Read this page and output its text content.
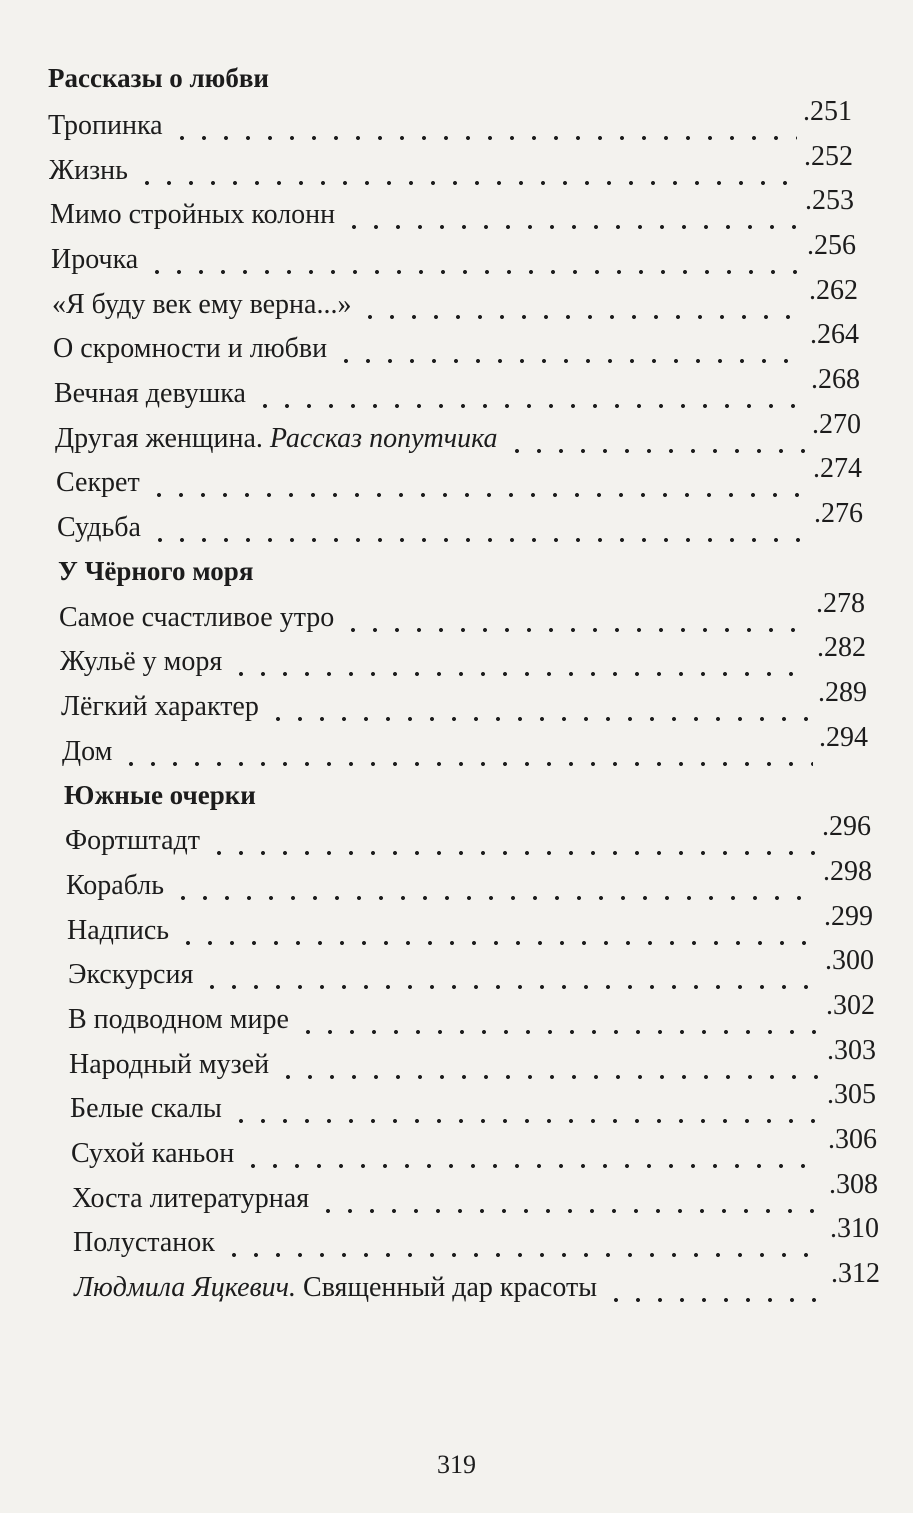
Рассказы о любви
Тропинка	.251
Жизнь	.252
Мимо стройных колонн	.253
Ирочка	.256
«Я буду век ему верна...»	.262
О скромности и любви	.264
Вечная девушка	.268
Другая женщина. Рассказ попутчика	.270
Секрет	.274
Судьба	.276
У Чёрного моря
Самое счастливое утро	.278
Жульё у моря	.282
Лёгкий характер	.289
Дом	.294
Южные очерки
Фортштадт	.296
Корабль	.298
Надпись	.299
Экскурсия	.300
В подводном мире	.302
Народный музей	.303
Белые скалы	.305
Сухой каньон	.306
Хоста литературная	.308
Полустанок	.310
Людмила Яцкевич. Священный дар красоты	.312
319
